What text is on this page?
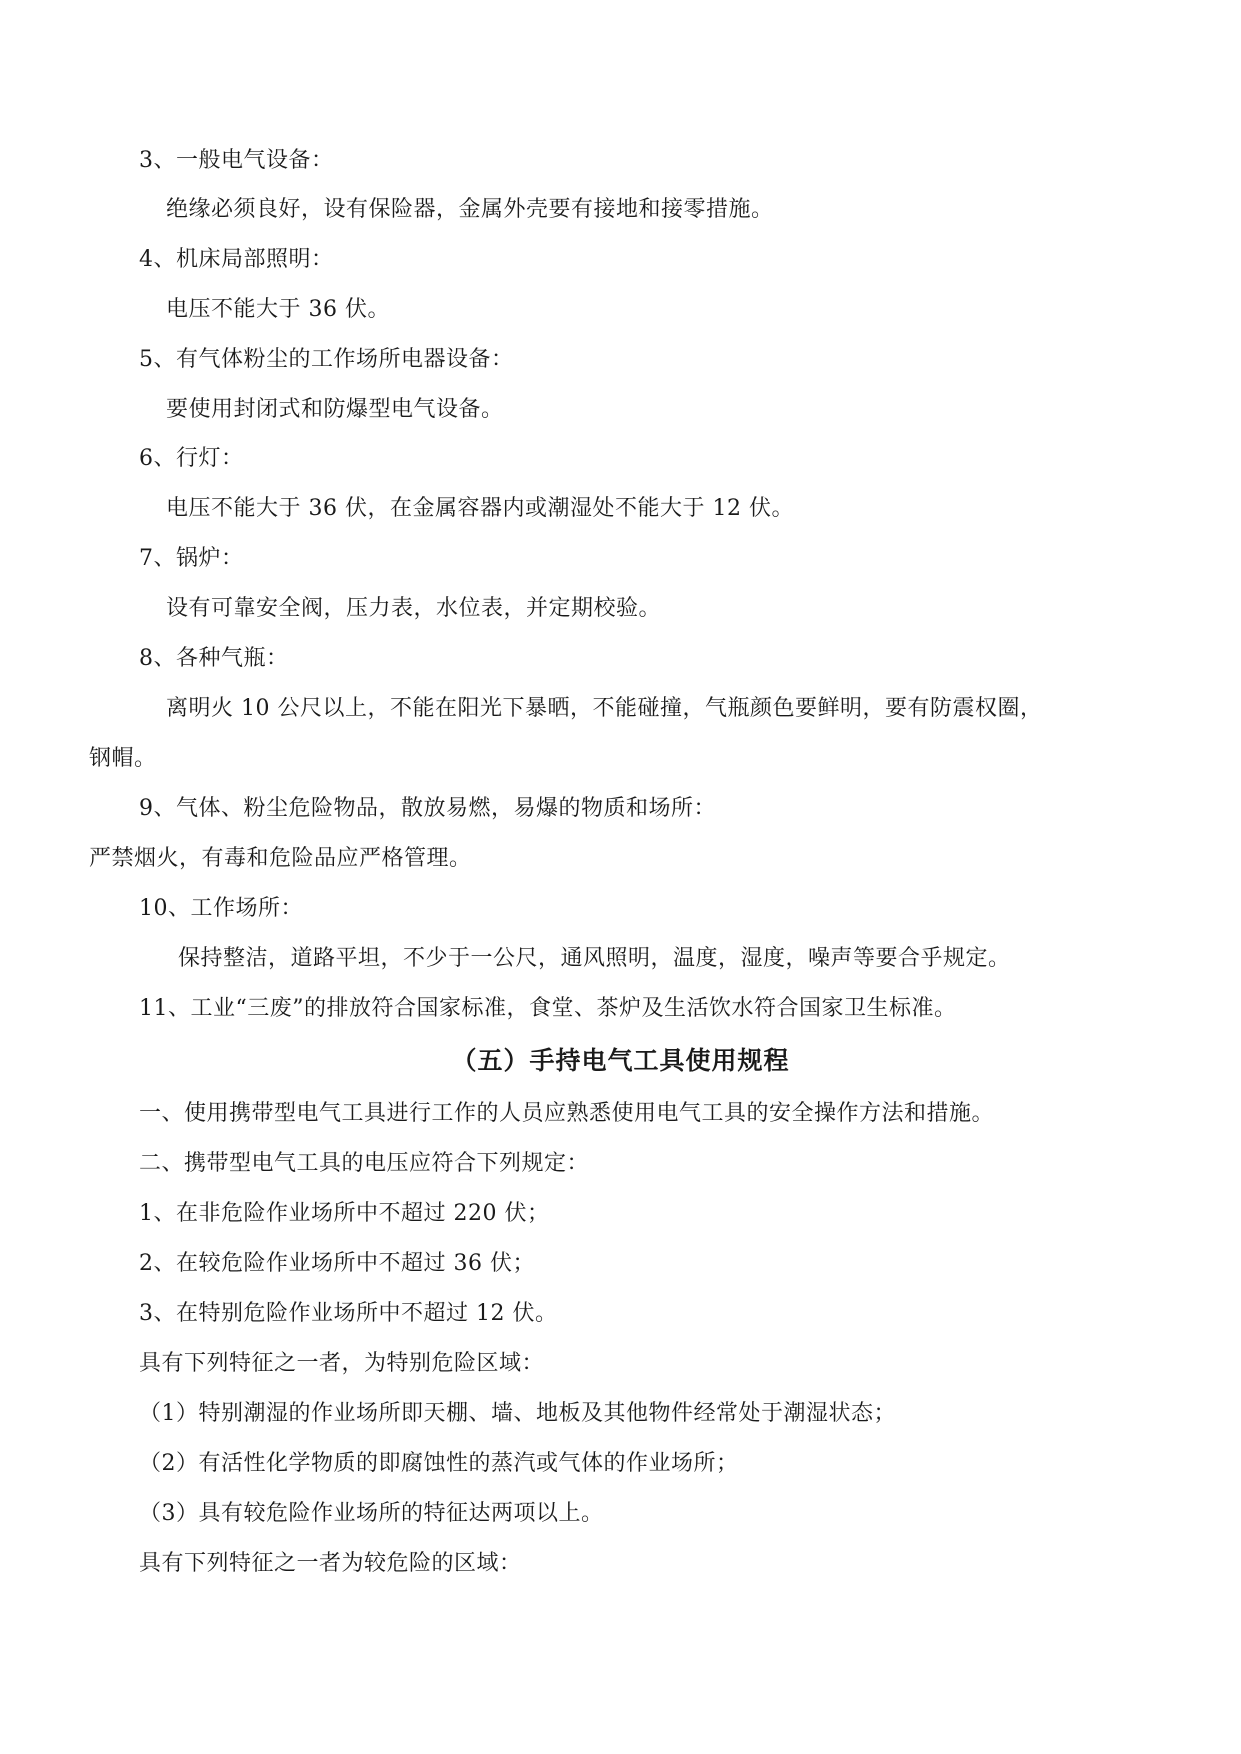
3、一般电气设备：
绝缘必须良好，设有保险器，金属外壳要有接地和接零措施。
4、机床局部照明：
电压不能大于 36 伏。
5、有气体粉尘的工作场所电器设备：
要使用封闭式和防爆型电气设备。
6、行灯：
电压不能大于 36 伏，在金属容器内或潮湿处不能大于 12 伏。
7、锅炉：
设有可靠安全阀，压力表，水位表，并定期校验。
8、各种气瓶：
离明火 10 公尺以上，不能在阳光下暴晒，不能碰撞，气瓶颜色要鲜明，要有防震权圈，
钢帽。
9、气体、粉尘危险物品，散放易燃，易爆的物质和场所：
严禁烟火，有毒和危险品应严格管理。
10、工作场所：
保持整洁，道路平坦，不少于一公尺，通风照明，温度，湿度，噪声等要合乎规定。
11、工业“三废”的排放符合国家标准，食堂、茶炉及生活饮水符合国家卫生标准。
（五）手持电气工具使用规程
一、使用携带型电气工具进行工作的人员应熟悉使用电气工具的安全操作方法和措施。
二、携带型电气工具的电压应符合下列规定：
1、在非危险作业场所中不超过 220 伏；
2、在较危险作业场所中不超过 36 伏；
3、在特别危险作业场所中不超过 12 伏。
具有下列特征之一者，为特别危险区域：
（1）特别潮湿的作业场所即天棚、墙、地板及其他物件经常处于潮湿状态；
（2）有活性化学物质的即腐蚀性的蒸汽或气体的作业场所；
（3）具有较危险作业场所的特征达两项以上。
具有下列特征之一者为较危险的区域：
